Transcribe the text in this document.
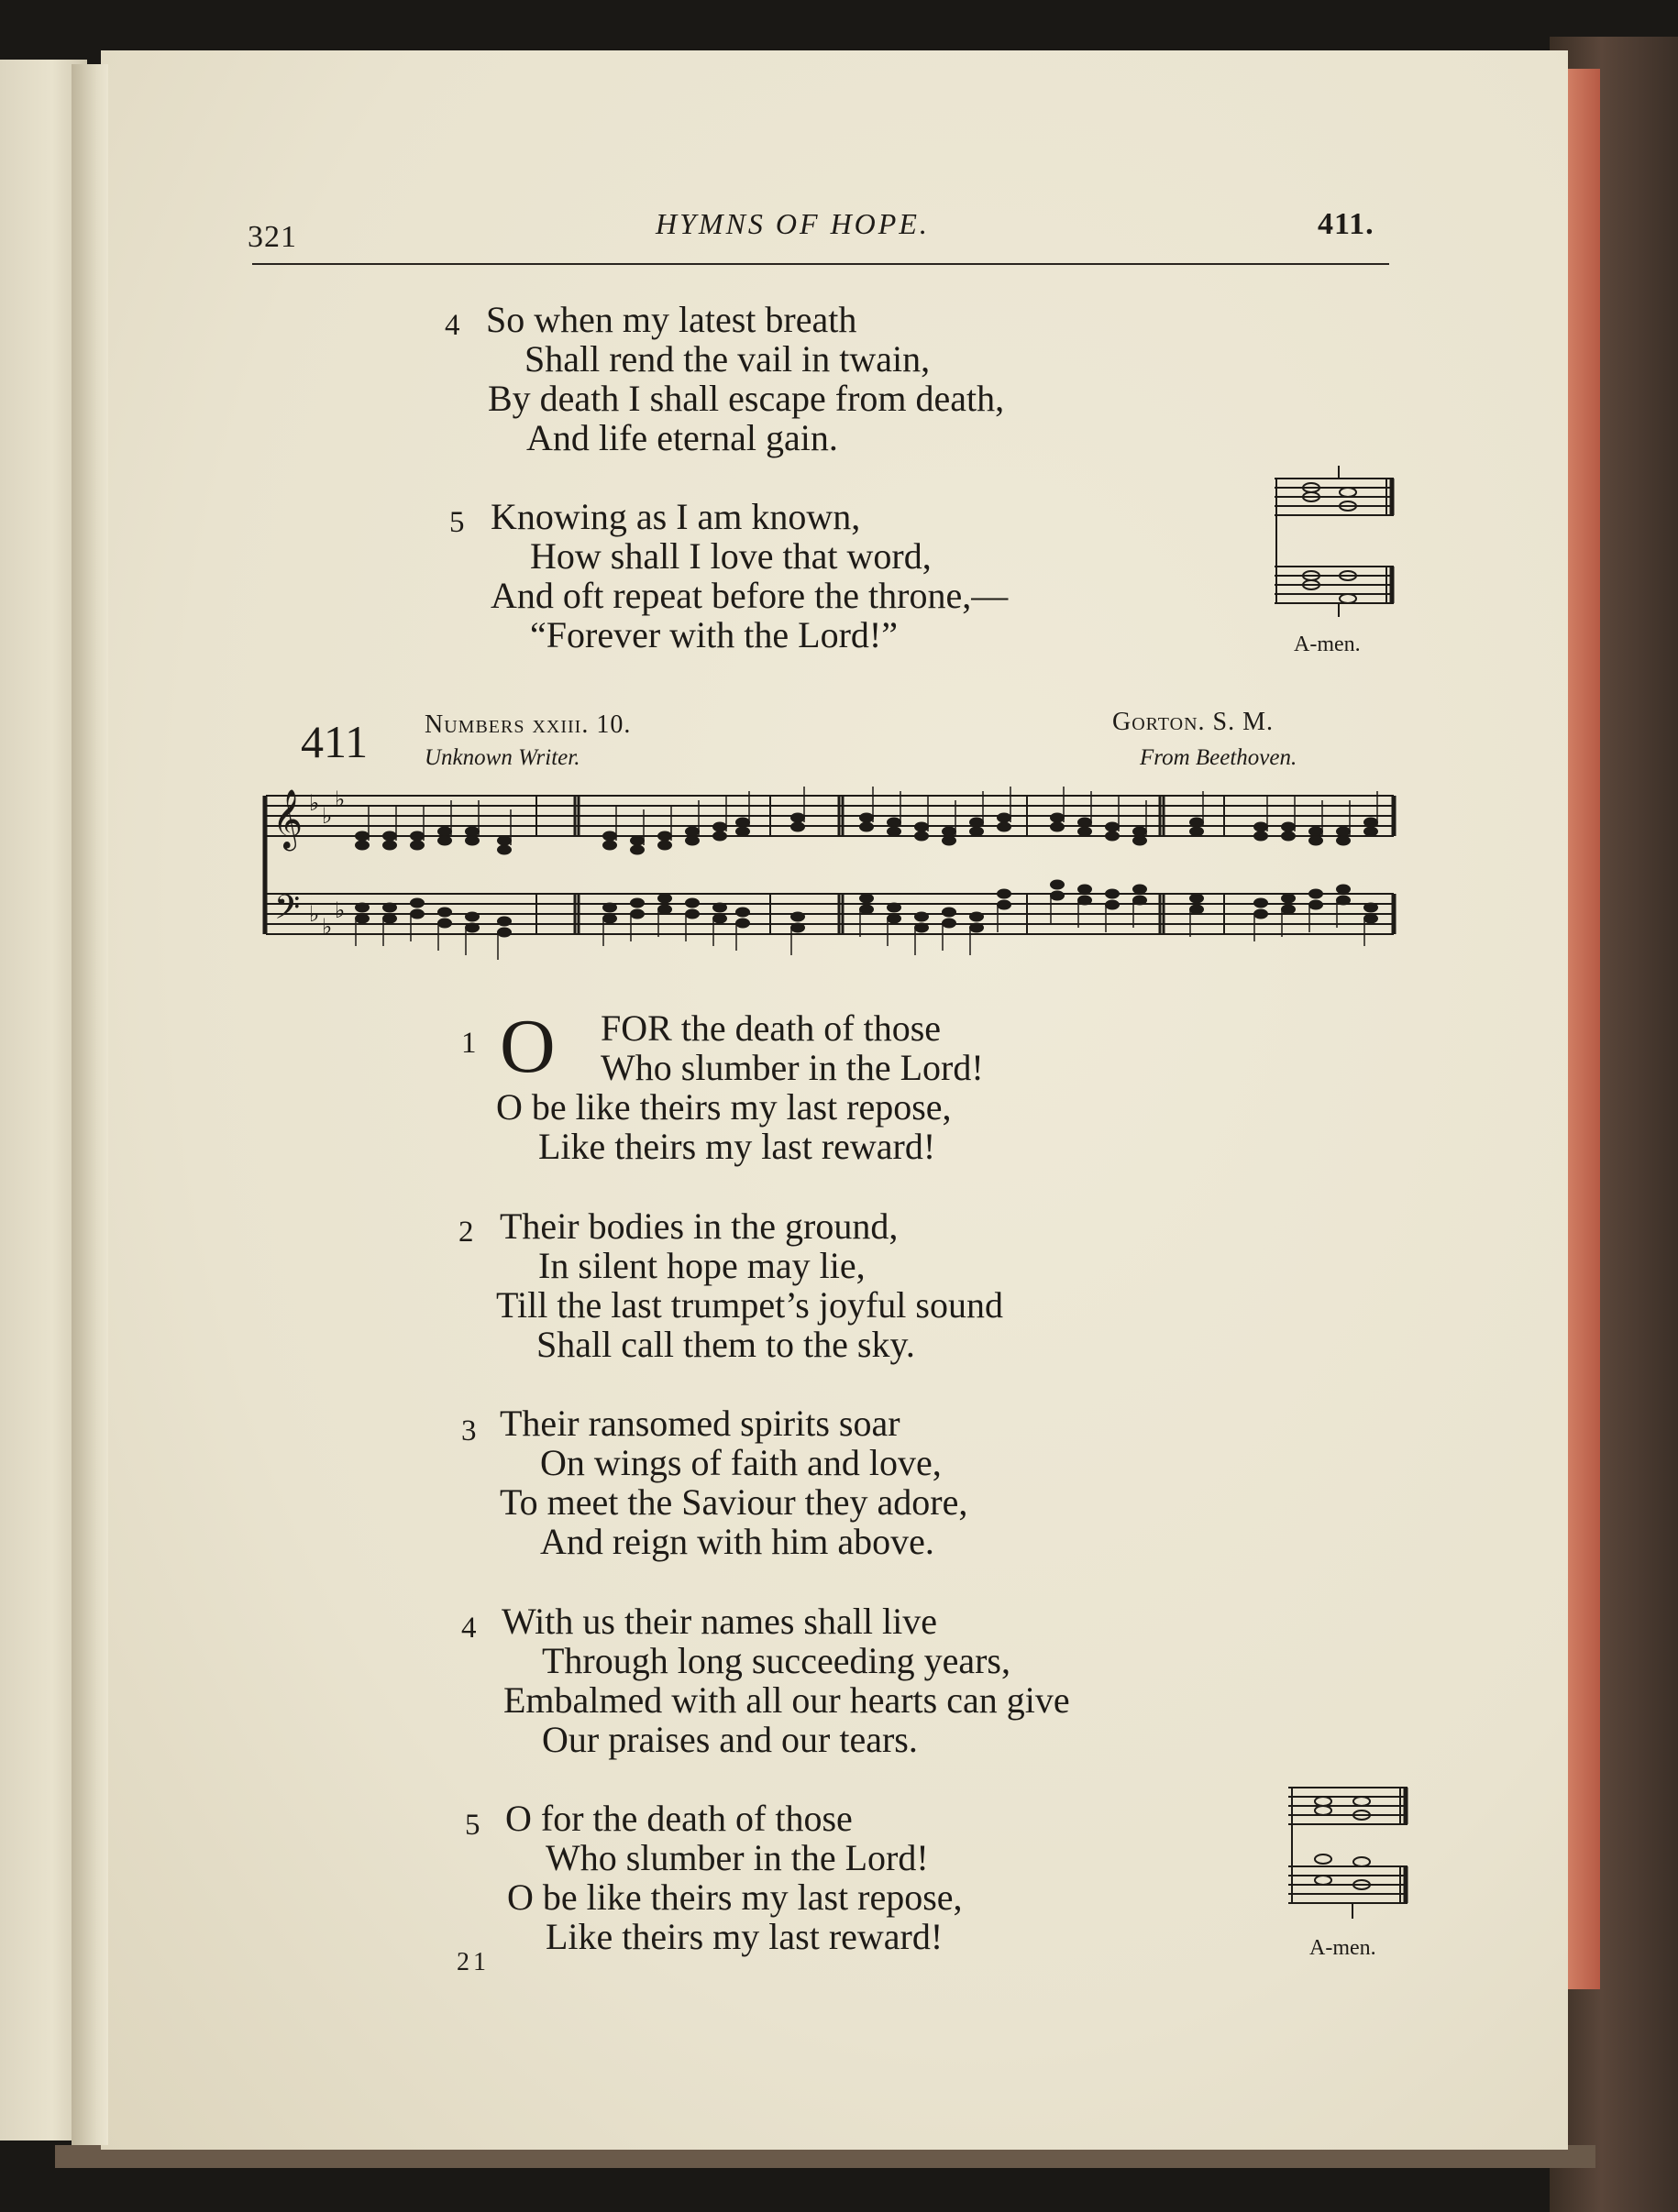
321	HYMNS OF HOPE.	411.
4 So when my latest breath
Shall rend the vail in twain,
By death I shall escape from death,
And life eternal gain.
5 Knowing as I am known,
How shall I love that word,
And oft repeat before the throne,—
“Forever with the Lord!”	A-men.
411 Numbers xxiii. 10.
Unknown Writer.
Gorton. S. M.
From Beethoven.
𝄞
𝄢
♭ ♭
♭
♭ ♭
♭
1 O FOR the death of those
Who slumber in the Lord!
O be like theirs my last repose,
Like theirs my last reward!
2 Their bodies in the ground,
In silent hope may lie,
Till the last trumpet’s joyful sound
Shall call them to the sky.
3 Their ransomed spirits soar
On wings of faith and love,
To meet the Saviour they adore,
And reign with him above.
4 With us their names shall live
Through long succeeding years,
Embalmed with all our hearts can give
Our praises and our tears.
5 O for the death of those
Who slumber in the Lord!
O be like theirs my last repose,
Like theirs my last reward!	A-men.
21
